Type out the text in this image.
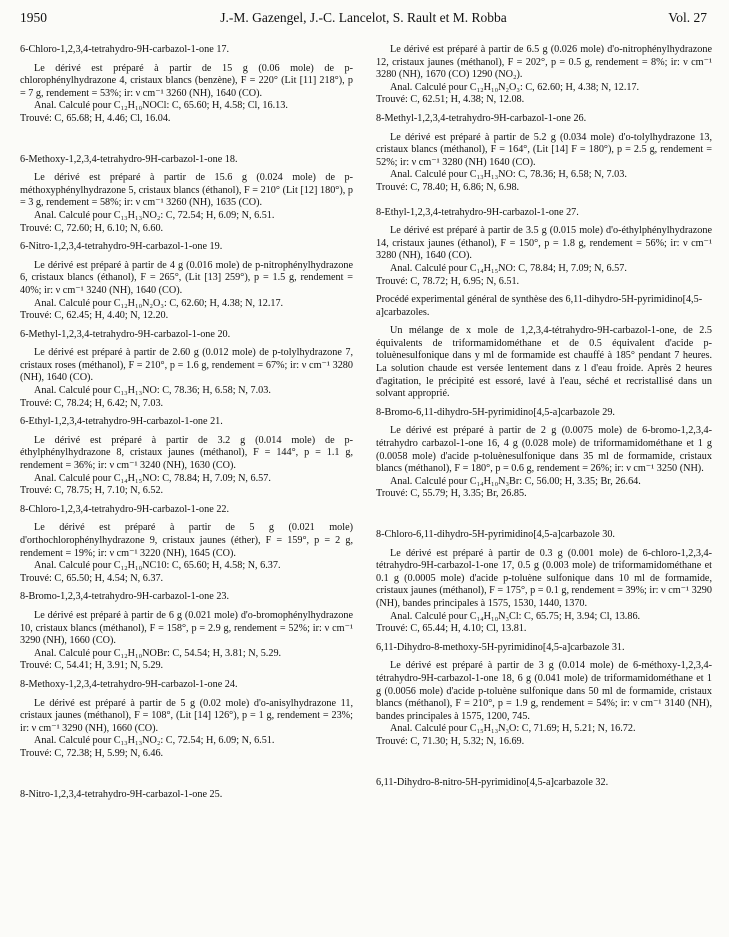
1950	J.-M. Gazengel, J.-C. Lancelot, S. Rault et M. Robba	Vol. 27

6-Chloro-1,2,3,4-tetrahydro-9H-carbazol-1-one 17.

Le dérivé est préparé à partir de 15 g (0.06 mole) de p-chlorophénylhydrazone 4, cristaux blancs (benzène), F = 220° (Lit [11] 218°), p = 7 g, rendement = 53%; ir: ν cm⁻¹ 3260 (NH), 1640 (CO).

Anal. Calculé pour C₁₂H₁₀NOCl: C, 65.60; H, 4.58; Cl, 16.13.

Trouvé: C, 65.68; H, 4.46; Cl, 16.04.

6-Methoxy-1,2,3,4-tetrahydro-9H-carbazol-1-one 18.

Le dérivé est préparé à partir de 15.6 g (0.024 mole) de p-méthoxyphénylhydrazone 5, cristaux blancs (éthanol), F = 210° (Lit [12] 180°), p = 3 g, rendement = 58%; ir: ν cm⁻¹ 3260 (NH), 1635 (CO).

Anal. Calculé pour C₁₃H₁₃NO₂: C, 72.54; H, 6.09; N, 6.51.

Trouvé: C, 72.60; H, 6.10; N, 6.60.

6-Nitro-1,2,3,4-tetrahydro-9H-carbazol-1-one 19.

Le dérivé est préparé à partir de 4 g (0.016 mole) de p-nitrophénylhydrazone 6, cristaux blancs (éthanol), F = 265°, (Lit [13] 259°), p = 1.5 g, rendement = 40%; ir: ν cm⁻¹ 3240 (NH), 1640 (CO).

Anal. Calculé pour C₁₂H₁₀N₂O₃: C, 62.60; H, 4.38; N, 12.17.

Trouvé: C, 62.45; H, 4.40; N, 12.20.

6-Methyl-1,2,3,4-tetrahydro-9H-carbazol-1-one 20.

Le dérivé est préparé à partir de 2.60 g (0.012 mole) de p-tolylhydrazone 7, cristaux roses (méthanol), F = 210°, p = 1.6 g, rendement = 67%; ir: ν cm⁻¹ 3280 (NH), 1640 (CO).

Anal. Calculé pour C₁₃H₁₃NO: C, 78.36; H, 6.58; N, 7.03.

Trouvé: C, 78.24; H, 6.42; N, 7.03.

6-Ethyl-1,2,3,4-tetrahydro-9H-carbazol-1-one 21.

Le dérivé est préparé à partir de 3.2 g (0.014 mole) de p-éthylphénylhydrazone 8, cristaux jaunes (méthanol), F = 144°, p = 1.1 g, rendement = 36%; ir: ν cm⁻¹ 3240 (NH), 1630 (CO).

Anal. Calculé pour C₁₄H₁₅NO: C, 78.84; H, 7.09; N, 6.57.

Trouvé: C, 78.75; H, 7.10; N, 6.52.

8-Chloro-1,2,3,4-tetrahydro-9H-carbazol-1-one 22.

Le dérivé est préparé à partir de 5 g (0.021 mole) d'orthochlorophénylhydrazone 9, cristaux jaunes (éther), F = 159°, p = 2 g, rendement = 19%; ir: ν cm⁻¹ 3220 (NH), 1645 (CO).

Anal. Calculé pour C₁₂H₁₀NC10: C, 65.60; H, 4.58; N, 6.37.

Trouvé: C, 65.50; H, 4.54; N, 6.37.

8-Bromo-1,2,3,4-tetrahydro-9H-carbazol-1-one 23.

Le dérivé est préparé à partir de 6 g (0.021 mole) d'o-bromophénylhydrazone 10, cristaux blancs (méthanol), F = 158°, p = 2.9 g, rendement = 52%; ir: ν cm⁻¹ 3290 (NH), 1660 (CO).

Anal. Calculé pour C₁₂H₁₀NOBr: C, 54.54; H, 3.81; N, 5.29.

Trouvé: C, 54.41; H, 3.91; N, 5.29.

8-Methoxy-1,2,3,4-tetrahydro-9H-carbazol-1-one 24.

Le dérivé est préparé à partir de 5 g (0.02 mole) d'o-anisylhydrazone 11, cristaux jaunes (méthanol), F = 108°, (Lit [14] 126°), p = 1 g, rendement = 23%; ir: ν cm⁻¹ 3290 (NH), 1660 (CO).

Anal. Calculé pour C₁₃H₁₃NO₂: C, 72.54; H, 6.09; N, 6.51.

Trouvé: C, 72.38; H, 5.99; N, 6.46.

8-Nitro-1,2,3,4-tetrahydro-9H-carbazol-1-one 25.

Le dérivé est préparé à partir de 6.5 g (0.026 mole) d'o-nitrophénylhydrazone 12, cristaux jaunes (méthanol), F = 202°, p = 0.5 g, rendement = 8%; ir: ν cm⁻¹ 3280 (NH), 1670 (CO) 1290 (NO₂).

Anal. Calculé pour C₁₂H₁₀N₂O₃: C, 62.60; H, 4.38; N, 12.17.

Trouvé: C, 62.51; H, 4.38; N, 12.08.

8-Methyl-1,2,3,4-tetrahydro-9H-carbazol-1-one 26.

Le dérivé est préparé à partir de 5.2 g (0.034 mole) d'o-tolylhydrazone 13, cristaux blancs (méthanol), F = 164°, (Lit [14] F = 180°), p = 2.5 g, rendement = 52%; ir: ν cm⁻¹ 3280 (NH) 1640 (CO).

Anal. Calculé pour C₁₃H₁₃NO: C, 78.36; H, 6.58; N, 7.03.

Trouvé: C, 78.40; H, 6.86; N, 6.98.

8-Ethyl-1,2,3,4-tetrahydro-9H-carbazol-1-one 27.

Le dérivé est préparé à partir de 3.5 g (0.015 mole) d'o-éthylphénylhydrazone 14, cristaux jaunes (éthanol), F = 150°, p = 1.8 g, rendement = 56%; ir: ν cm⁻¹ 3280 (NH), 1640 (CO).

Anal. Calculé pour C₁₄H₁₅NO: C, 78.84; H, 7.09; N, 6.57.

Trouvé: C, 78.72; H, 6.95; N, 6.51.

Procédé experimental général de synthèse des 6,11-dihydro-5H-pyrimidino[4,5-a]carbazoles.

Un mélange de x mole de 1,2,3,4-tétrahydro-9H-carbazol-1-one, de 2.5 équivalents de triformamidométhane et de 0.5 équivalent d'acide p-toluènesulfonique dans y ml de formamide est chauffé à 185° pendant 7 heures. La solution chaude est versée lentement dans z l d'eau froide. Après 2 heures d'agitation, le précipité est essoré, lavé à l'eau, séché et recristallisé dans un solvant approprié.

8-Bromo-6,11-dihydro-5H-pyrimidino[4,5-a]carbazole 29.

Le dérivé est préparé à partir de 2 g (0.0075 mole) de 6-bromo-1,2,3,4-tétrahydro carbazol-1-one 16, 4 g (0.028 mole) de triformamidométhane et 1 g (0.0058 mole) d'acide p-toluènesulfonique dans 35 ml de formamide, cristaux blancs (méthanol), F = 180°, p = 0.6 g, rendement = 26%; ir: ν cm⁻¹ 3250 (NH).

Anal. Calculé pour C₁₄H₁₀N₃Br: C, 56.00; H, 3.35; Br, 26.64.

Trouvé: C, 55.79; H, 3.35; Br, 26.85.

8-Chloro-6,11-dihydro-5H-pyrimidino[4,5-a]carbazole 30.

Le dérivé est préparé à partir de 0.3 g (0.001 mole) de 6-chloro-1,2,3,4-tétrahydro-9H-carbazol-1-one 17, 0.5 g (0.003 mole) de triformamidométhane et 0.1 g (0.0005 mole) d'acide p-toluène sulfonique dans 10 ml de formamide, cristaux jaunes (méthanol), F = 175°, p = 0.1 g, rendement = 39%; ir: ν cm⁻¹ 3290 (NH), bandes principales à 1575, 1530, 1440, 1370.

Anal. Calculé pour C₁₄H₁₀N₃Cl: C, 65.75; H, 3.94; Cl, 13.86.

Trouvé: C, 65.44; H, 4.10; Cl, 13.81.

6,11-Dihydro-8-methoxy-5H-pyrimidino[4,5-a]carbazole 31.

Le dérivé est préparé à partir de 3 g (0.014 mole) de 6-méthoxy-1,2,3,4-tétrahydro-9H-carbazol-1-one 18, 6 g (0.041 mole) de triformamidométhane et 1 g (0.0056 mole) d'acide p-toluène sulfonique dans 50 ml de formamide, cristaux blancs (méthanol), F = 210°, p = 1.9 g, rendement = 54%; ir: ν cm⁻¹ 3140 (NH), bandes principales à 1575, 1200, 745.

Anal. Calculé pour C₁₅H₁₃N₃O: C, 71.69; H, 5.21; N, 16.72.

Trouvé: C, 71.30; H, 5.32; N, 16.69.

6,11-Dihydro-8-nitro-5H-pyrimidino[4,5-a]carbazole 32.
